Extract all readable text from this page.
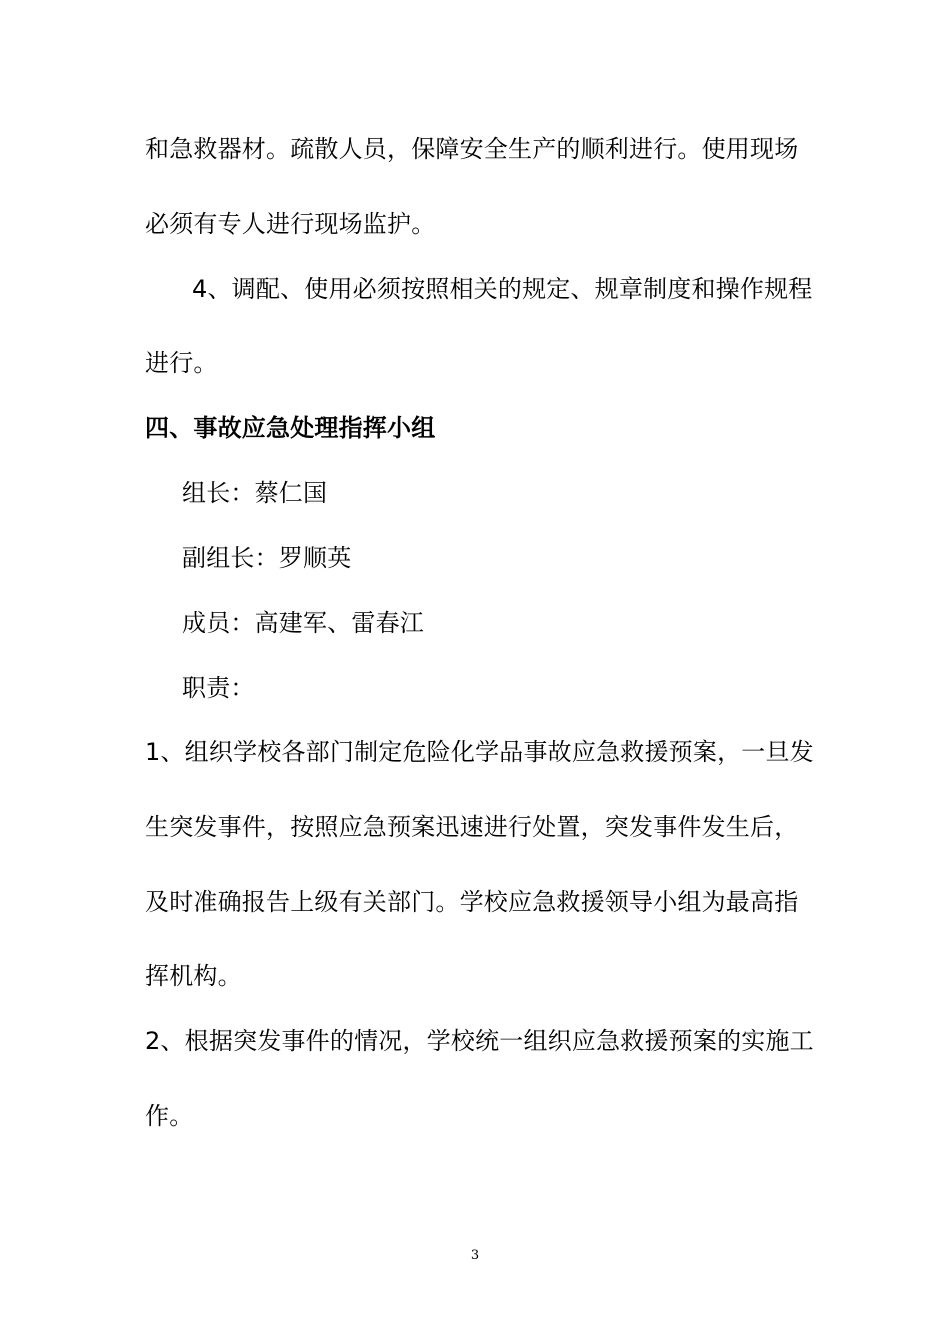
和急救器材。疏散人员，保障安全生产的顺利进行。使用现场
必须有专人进行现场监护。
4、调配、使用必须按照相关的规定、规章制度和操作规程
进行。
四、事故应急处理指挥小组
组长：蔡仁国
副组长：罗顺英
成员：高建军、雷春江
职责：
1、组织学校各部门制定危险化学品事故应急救援预案，一旦发
生突发事件，按照应急预案迅速进行处置，突发事件发生后，
及时准确报告上级有关部门。学校应急救援领导小组为最高指
挥机构。
2、根据突发事件的情况，学校统一组织应急救援预案的实施工
作。
3
